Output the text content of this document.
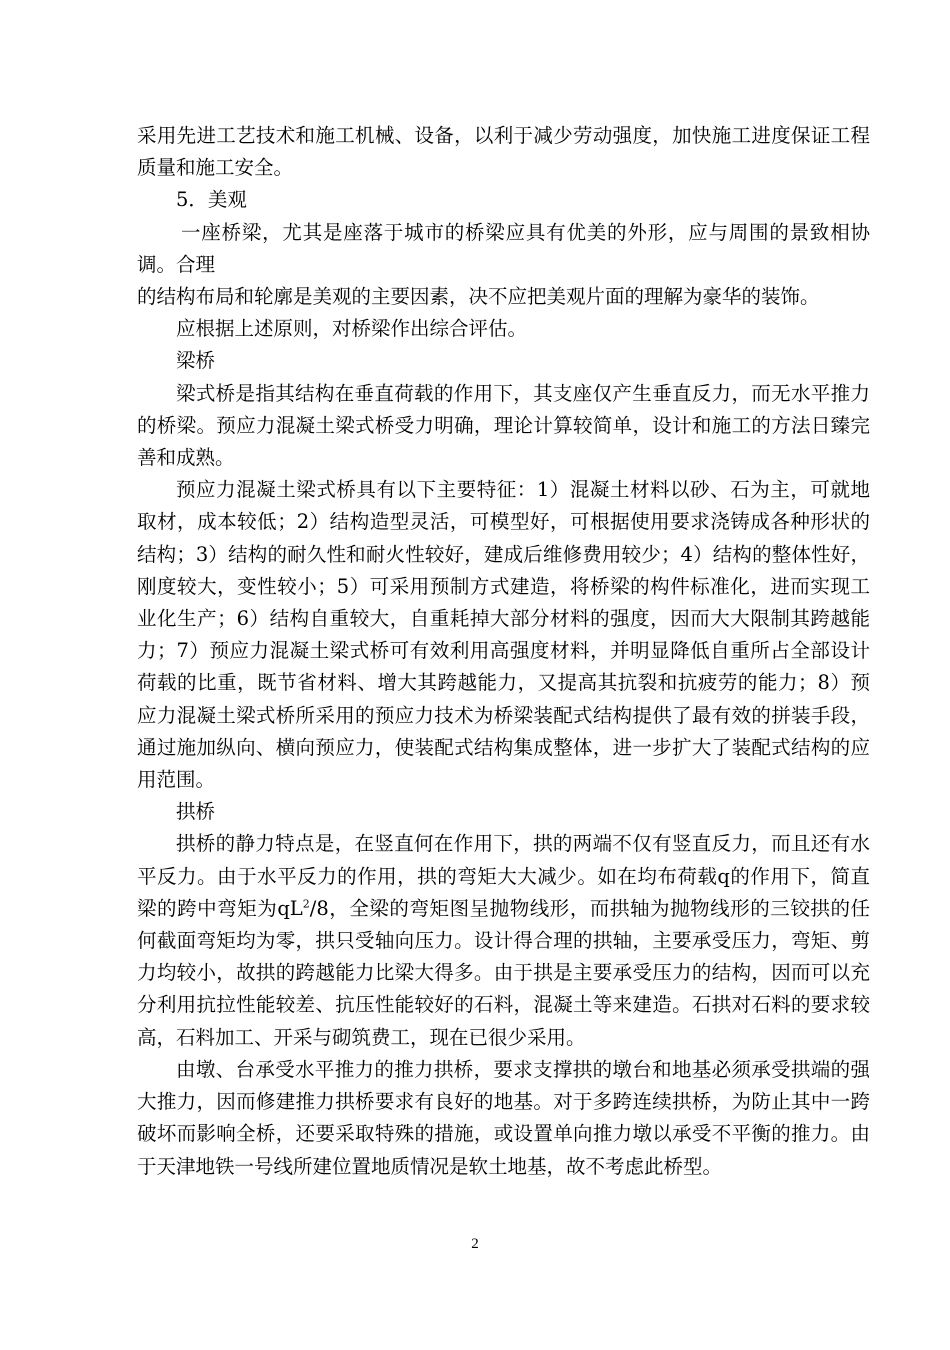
采用先进工艺技术和施工机械、设备，以利于减少劳动强度，加快施工进度保证工程质量和施工安全。

5．美观

一座桥梁，尤其是座落于城市的桥梁应具有优美的外形，应与周围的景致相协调。合理

的结构布局和轮廓是美观的主要因素，决不应把美观片面的理解为豪华的装饰。

应根据上述原则，对桥梁作出综合评估。

梁桥

梁式桥是指其结构在垂直荷载的作用下，其支座仅产生垂直反力，而无水平推力的桥梁。预应力混凝土梁式桥受力明确，理论计算较简单，设计和施工的方法日臻完善和成熟。

预应力混凝土梁式桥具有以下主要特征：1）混凝土材料以砂、石为主，可就地取材，成本较低；2）结构造型灵活，可模型好，可根据使用要求浇铸成各种形状的结构；3）结构的耐久性和耐火性较好，建成后维修费用较少；4）结构的整体性好，刚度较大，变性较小；5）可采用预制方式建造，将桥梁的构件标准化，进而实现工业化生产；6）结构自重较大，自重耗掉大部分材料的强度，因而大大限制其跨越能力；7）预应力混凝土梁式桥可有效利用高强度材料，并明显降低自重所占全部设计荷载的比重，既节省材料、增大其跨越能力，又提高其抗裂和抗疲劳的能力；8）预应力混凝土梁式桥所采用的预应力技术为桥梁装配式结构提供了最有效的拼装手段，通过施加纵向、横向预应力，使装配式结构集成整体，进一步扩大了装配式结构的应用范围。

拱桥

拱桥的静力特点是，在竖直何在作用下，拱的两端不仅有竖直反力，而且还有水平反力。由于水平反力的作用，拱的弯矩大大减少。如在均布荷载q的作用下，简直梁的跨中弯矩为$qL^2/8$，全梁的弯矩图呈抛物线形，而拱轴为抛物线形的三铰拱的任何截面弯矩均为零，拱只受轴向压力。设计得合理的拱轴，主要承受压力，弯矩、剪力均较小，故拱的跨越能力比梁大得多。由于拱是主要承受压力的结构，因而可以充分利用抗拉性能较差、抗压性能较好的石料，混凝土等来建造。石拱对石料的要求较高，石料加工、开采与砌筑费工，现在已很少采用。

由墩、台承受水平推力的推力拱桥，要求支撑拱的墩台和地基必须承受拱端的强大推力，因而修建推力拱桥要求有良好的地基。对于多跨连续拱桥，为防止其中一跨破坏而影响全桥，还要采取特殊的措施，或设置单向推力墩以承受不平衡的推力。由于天津地铁一号线所建位置地质情况是软土地基，故不考虑此桥型。

2
